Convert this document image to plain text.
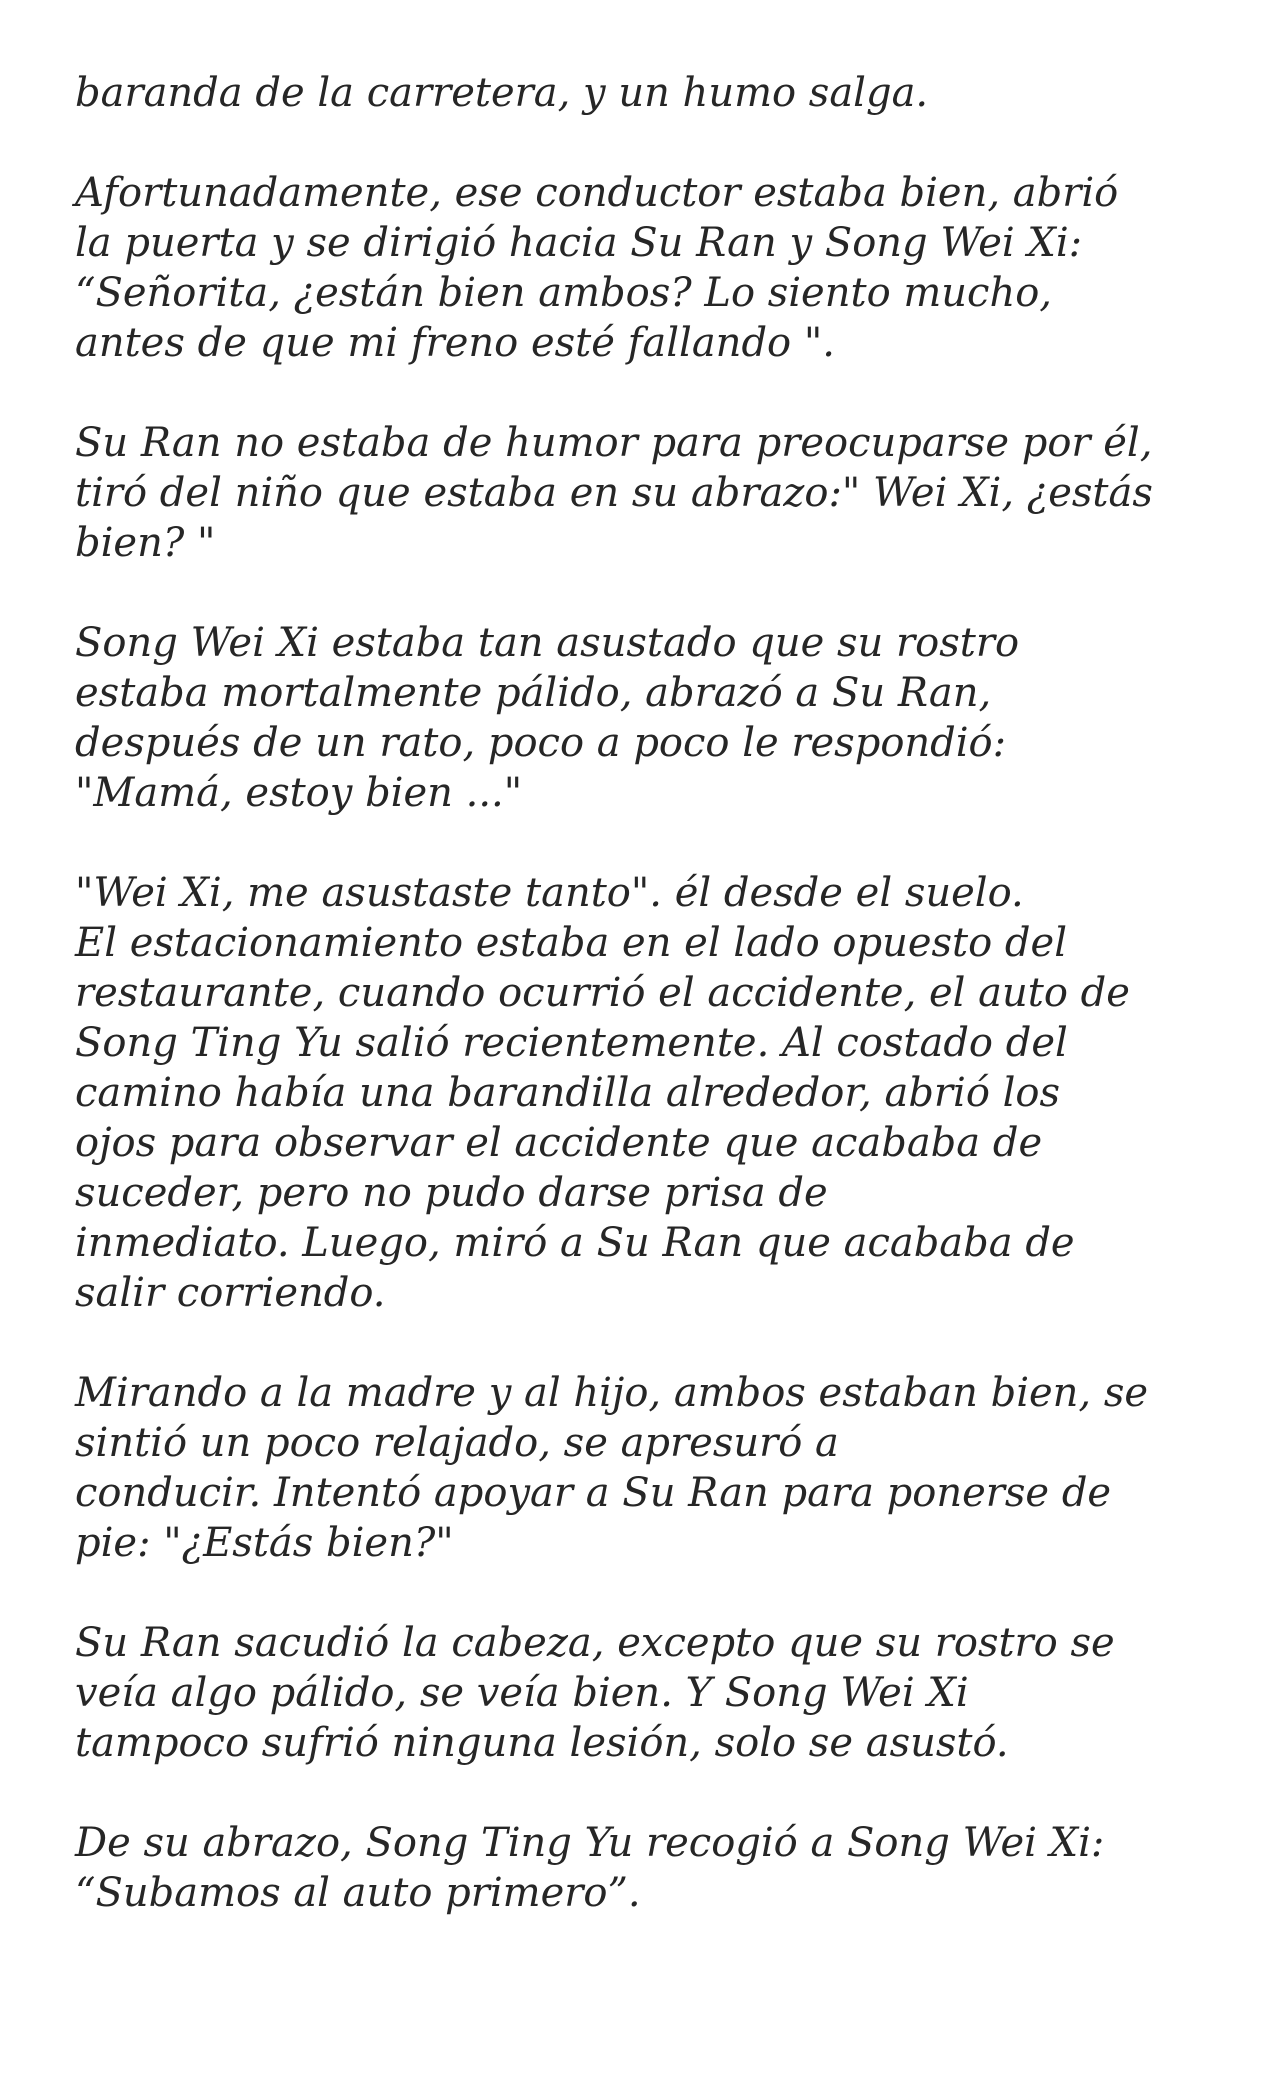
baranda de la carretera, y un humo salga.
Afortunadamente, ese conductor estaba bien, abrió
la puerta y se dirigió hacia Su Ran y Song Wei Xi:
“Señorita, ¿están bien ambos? Lo siento mucho,
antes de que mi freno esté fallando ".
Su Ran no estaba de humor para preocuparse por él,
tiró del niño que estaba en su abrazo:" Wei Xi, ¿estás
bien? "
Song Wei Xi estaba tan asustado que su rostro
estaba mortalmente pálido, abrazó a Su Ran,
después de un rato, poco a poco le respondió:
"Mamá, estoy bien ..."
"Wei Xi, me asustaste tanto". él desde el suelo.
El estacionamiento estaba en el lado opuesto del
restaurante, cuando ocurrió el accidente, el auto de
Song Ting Yu salió recientemente. Al costado del
camino había una barandilla alrededor, abrió los
ojos para observar el accidente que acababa de
suceder, pero no pudo darse prisa de
inmediato. Luego, miró a Su Ran que acababa de
salir corriendo.
Mirando a la madre y al hijo, ambos estaban bien, se
sintió un poco relajado, se apresuró a
conducir. Intentó apoyar a Su Ran para ponerse de
pie: "¿Estás bien?"
Su Ran sacudió la cabeza, excepto que su rostro se
veía algo pálido, se veía bien. Y Song Wei Xi
tampoco sufrió ninguna lesión, solo se asustó.
De su abrazo, Song Ting Yu recogió a Song Wei Xi:
“Subamos al auto primero”.
